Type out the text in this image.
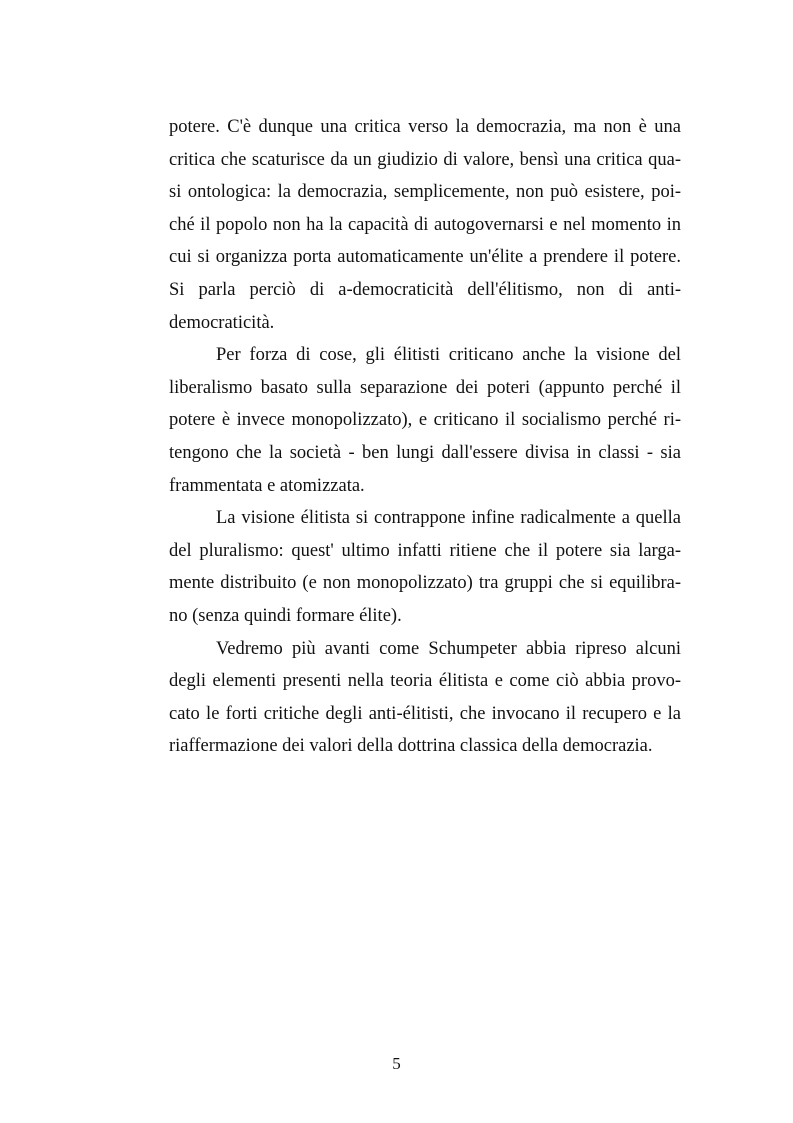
potere. C'è dunque una critica verso la democrazia, ma non è una
critica che scaturisce da un giudizio di valore, bensì una critica qua-
si ontologica: la democrazia, semplicemente, non può esistere, poi-
ché il popolo non ha la capacità di autogovernarsi e nel momento in
cui si organizza porta automaticamente un'élite a prendere il potere.
Si parla perciò di a-democraticità dell'élitismo, non di anti-
democraticità.
Per forza di cose, gli élitisti criticano anche la visione del
liberalismo basato sulla separazione dei poteri (appunto perché il
potere è invece monopolizzato), e criticano il socialismo perché ri-
tengono che la società - ben lungi dall'essere divisa in classi - sia
frammentata e atomizzata.
La visione élitista si contrappone infine radicalmente a quella
del pluralismo: quest' ultimo infatti ritiene che il potere sia larga-
mente distribuito (e non monopolizzato) tra gruppi che si equilibra-
no (senza quindi formare élite).
Vedremo più avanti come Schumpeter abbia ripreso alcuni
degli elementi presenti nella teoria élitista e come ciò abbia provo-
cato le forti critiche degli anti-élitisti, che invocano il recupero e la
riaffermazione dei valori della dottrina classica della democrazia.
5
